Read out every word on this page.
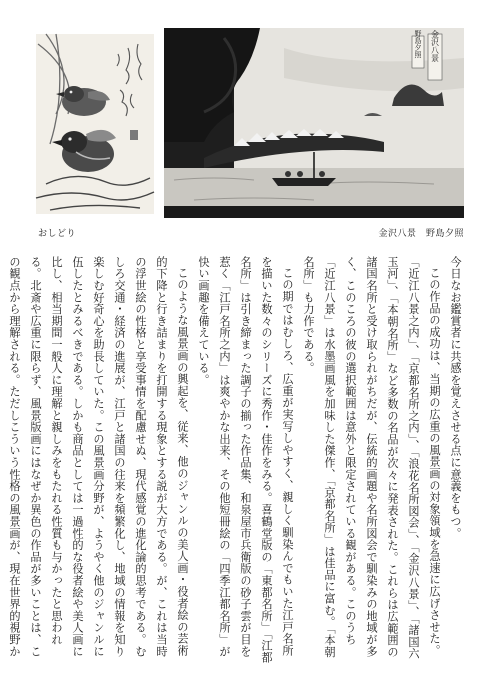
金沢八景
野島夕照
おしどり	金沢八景　野島夕照

今日なお鑑賞者に共感を覚えさせる点に意義をもつ。

この作品の成功は、当期の広重の風景画の対象領域を急速に広げさせた。「近江八景之内」、「京都名所之内」、「浪花名所図会」、「金沢八景」、「諸国六玉河」、「本朝名所」など多数の名品が次々に発表された。これらは広範囲の諸国名所と受け取られがちだが、伝統的画題や名所図会で馴染みの地域が多く、このころの彼の選択範囲は意外と限定されている観がある。このうち「近江八景」は水墨画風を加味した傑作、「京都名所」は佳品に富む。「本朝名所」も力作である。

この期ではむしろ、広重が実写しやすく、親しく馴染んでもいた江戸名所を描いた数々のシリーズに秀作・佳作をみる。喜鶴堂版の「東都名所」「江都名所」は引き締まった調子の揃った作品集、和泉屋市兵衛版の砂子雲が目を惹く「江戸名所之内」は爽やかな出来、その他短冊絵の「四季江都名所」が快い画趣を備えている。

このような風景画の興起を、従来、他のジャンルの美人画・役者絵の芸術的下降と行き詰まりを打開する現象とする説が大方である。が、これは当時の浮世絵の性格と享受事情を配慮せぬ、現代感覚の進化論的思考である。むしろ交通・経済の進展が、江戸と諸国の往来を頻繁化し、地域の情報を知り楽しむ好奇心を助長していた。この風景画分野が、ようやく他のジャンルに伍したとみるべきである。しかも商品としては一過性的な役者絵や美人画に比し、相当期間一般人に理解と親しみをもたれる性質も与かったと思われる。北斎や広重に限らず、風景版画にはなぜか異色の作品が多いことは、この観点から理解される。ただしこういう性格の風景画が、現在世界的視野か
